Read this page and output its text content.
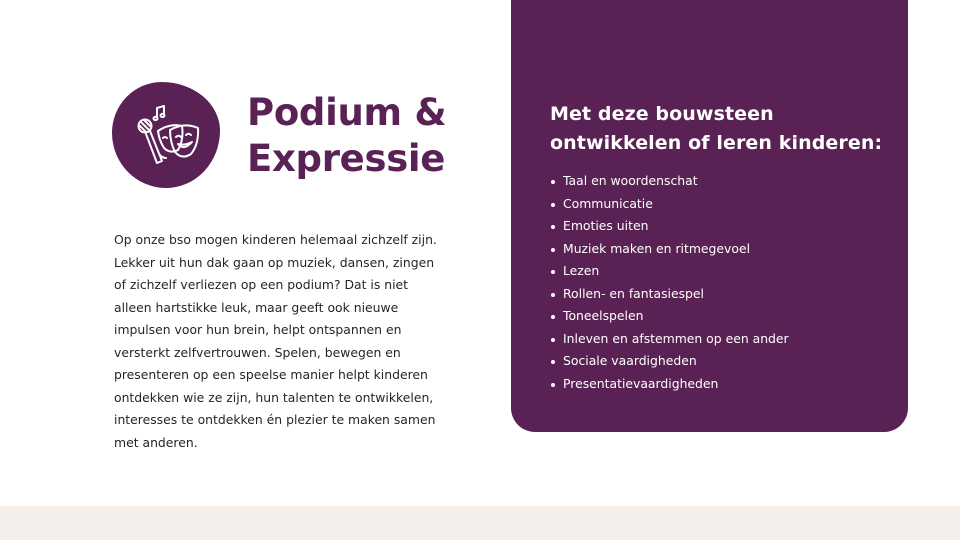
Podium &
Expressie

Op onze bso mogen kinderen helemaal zichzelf zijn. Lekker uit hun dak gaan op muziek, dansen, zingen of zichzelf verliezen op een podium? Dat is niet alleen hartstikke leuk, maar geeft ook nieuwe impulsen voor hun brein, helpt ontspannen en versterkt zelfvertrouwen. Spelen, bewegen en presenteren op een speelse manier helpt kinderen ontdekken wie ze zijn, hun talenten te ontwikkelen, interesses te ontdekken én plezier te maken samen met anderen.

Met deze bouwsteen
ontwikkelen of leren kinderen:
Taal en woordenschat
Communicatie
Emoties uiten
Muziek maken en ritmegevoel
Lezen
Rollen- en fantasiespel
Toneelspelen
Inleven en afstemmen op een ander
Sociale vaardigheden
Presentatievaardigheden
